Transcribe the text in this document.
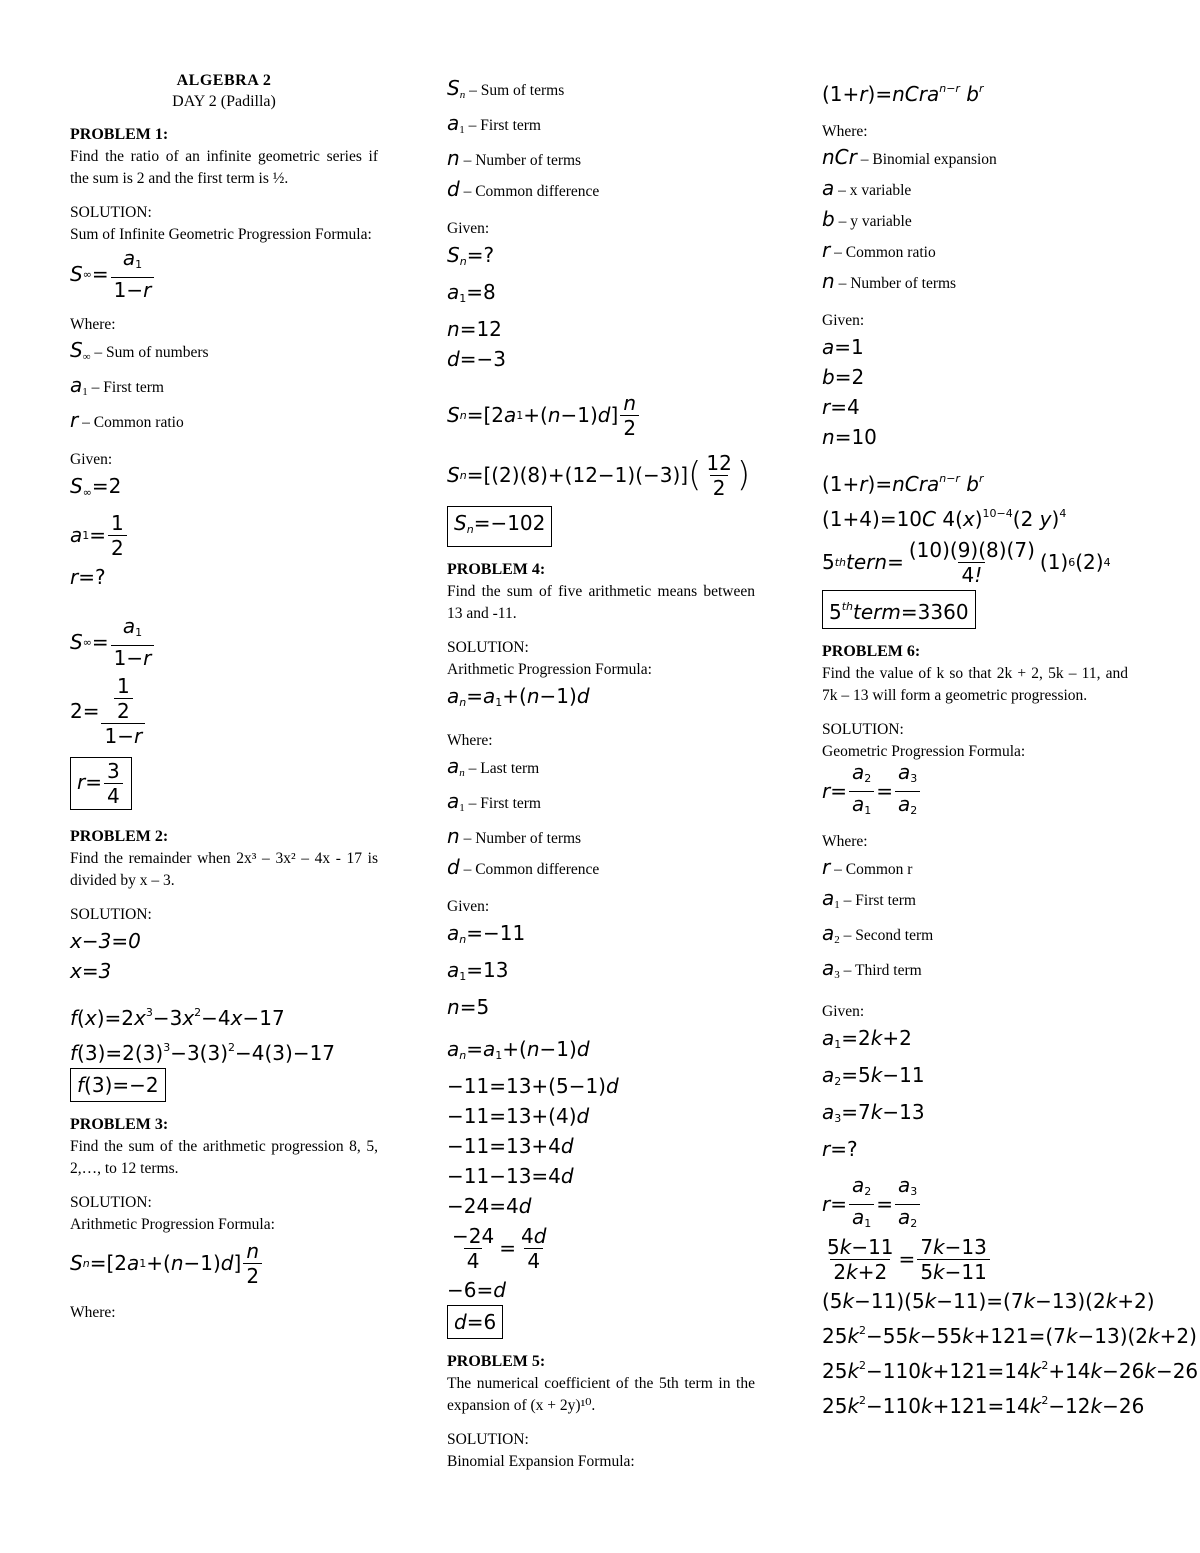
ALGEBRA 2
DAY 2 (Padilla)
PROBLEM 1:
Find the ratio of an infinite geometric series if the sum is 2 and the first term is ½.
SOLUTION:
Sum of Infinite Geometric Progression Formula:
S ∞ = $\frac{a_1}{1-r}$
Where:
$S_\infty$ – Sum of numbers
$a_1$ – First term
r – Common ratio
Given:
$S_\infty=2$
a $1 = \frac{1}{2}$
r=?
S ∞ = $\frac{a_1}{1-r}$
$2= \frac{\frac{1}{2}}{1-r}$
$r= \frac{3}{4}$
PROBLEM 2:
Find the remainder when 2x³ – 3x² – 4x - 17 is divided by x – 3.
SOLUTION:
x−3=0
x=3
$f(x)=2x^3-3x^2-4x-17$
$f(3)=2(3)^3-3(3)^2-4(3)-17$
f(3)=−2
PROBLEM 3:
Find the sum of the arithmetic progression 8, 5, 2,…, to 12 terms.
SOLUTION:
Arithmetic Progression Formula:
S n =[2 a 1 +( n −1) d ] $\frac{n}{2}$
Where:
$S_n$ – Sum of terms
$a_1$ – First term
n – Number of terms
d – Common difference
Given:
$S_n=$?
$a_1=8$
n=12
d=−3
S n =[2 a 1 +( n −1) d ] $\frac{n}{2}$
S n =[(2)(8)+(12−1)(−3)] ( $\frac{12}{2}$ )
$S_n=-102$
PROBLEM 4:
Find the sum of five arithmetic means between 13 and -11.
SOLUTION:
Arithmetic Progression Formula:
$a_n=a_1+(n-1)d$
Where:
$a_n$ – Last term
$a_1$ – First term
n – Number of terms
d – Common difference
Given:
$a_n=-11$
$a_1=13$
n=5
$a_n=a_1+(n-1)d$
−11=13+(5−1)d
−11=13+(4)d
−11=13+4d
−11−13=4d
−24=4d
$\frac{-24}{4} = \frac{4d}{4}$
−6=d
d=6
PROBLEM 5:
The numerical coefficient of the 5th term in the expansion of (x + 2y)¹⁰.
SOLUTION:
Binomial Expansion Formula:
(1+r)=nCra$^{n-r}$ $b^r$
Where:
nCr – Binomial expansion
a – x variable
b – y variable
r – Common ratio
n – Number of terms
Given:
a=1
b=2
r=4
n=10
(1+r)=nCra$^{n-r}$ $b^r$
(1+4)=10C $4(x)^{10-4}(2$ y)$^4$
5 th tern = $\frac{(10)(9)(8)(7)}{4!} (1)$ 6 (2) 4
5thterm=3360
PROBLEM 6:
Find the value of k so that 2k + 2, 5k – 11, and 7k – 13 will form a geometric progression.
SOLUTION:
Geometric Progression Formula:
$r = \frac{a_2}{a_1} = \frac{a_3}{a_2}$
Where:
r – Common r
$a_1$ – First term
$a_2$ – Second term
$a_3$ – Third term
Given:
$a_1=2k+2$
$a_2=5k-11$
$a_3=7k-13$
r=?
$r = \frac{a_2}{a_1} = \frac{a_3}{a_2}$
$\frac{5k-11}{2k+2} = \frac{7k-13}{5k-11}$
(5k−11)(5k−11)=(7k−13)(2k+2)
$25k^2-55k-55k+121=(7k-13)(2k+2)$
$25k^2-110k+121=14k^2+14k-26k-26$
$25k^2-110k+121=14k^2-12k-26$
